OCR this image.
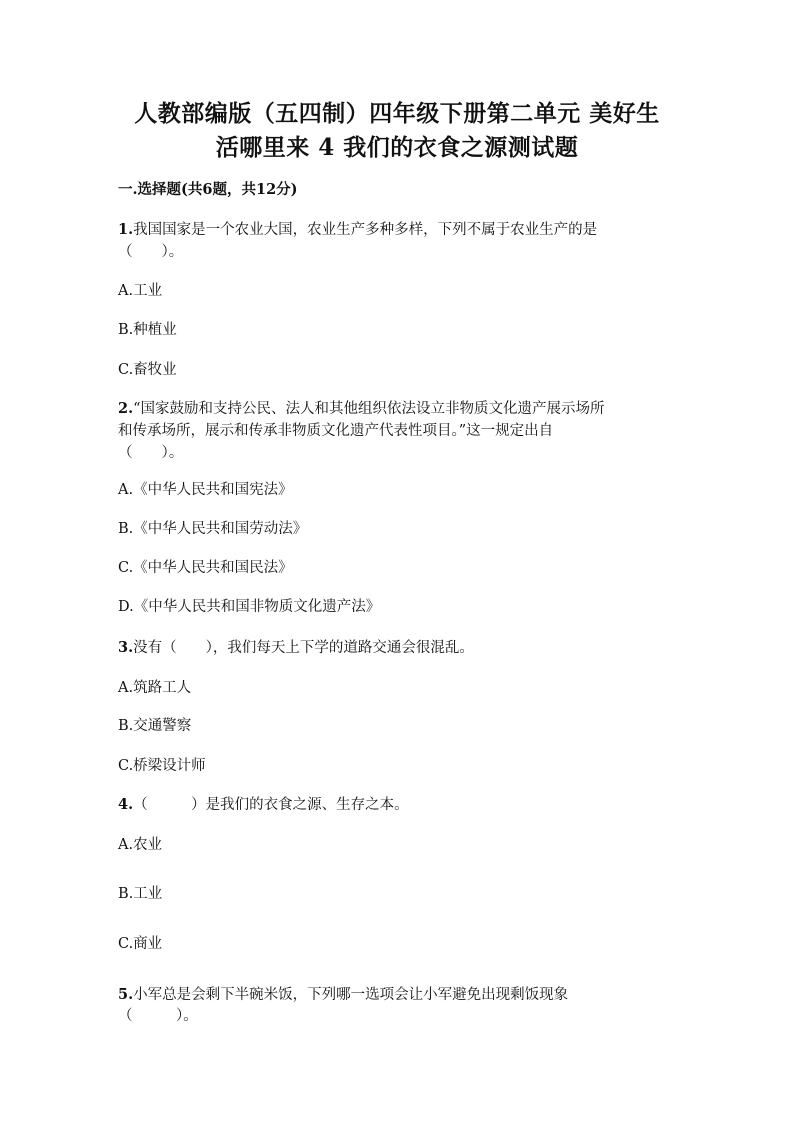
人教部编版（五四制）四年级下册第二单元 美好生
活哪里来 4 我们的衣食之源测试题
一.选择题(共6题，共12分)
1.我国国家是一个农业大国，农业生产多种多样，下列不属于农业生产的是
（　　）。
A.工业
B.种植业
C.畜牧业
2.“国家鼓励和支持公民、法人和其他组织依法设立非物质文化遗产展示场所
和传承场所，展示和传承非物质文化遗产代表性项目。”这一规定出自
（　　）。
A.《中华人民共和国宪法》
B.《中华人民共和国劳动法》
C.《中华人民共和国民法》
D.《中华人民共和国非物质文化遗产法》
3.没有（　　），我们每天上下学的道路交通会很混乱。
A.筑路工人
B.交通警察
C.桥梁设计师
4.（　　　）是我们的衣食之源、生存之本。
A.农业
B.工业
C.商业
5.小军总是会剩下半碗米饭，下列哪一选项会让小军避免出现剩饭现象
（　　　）。
